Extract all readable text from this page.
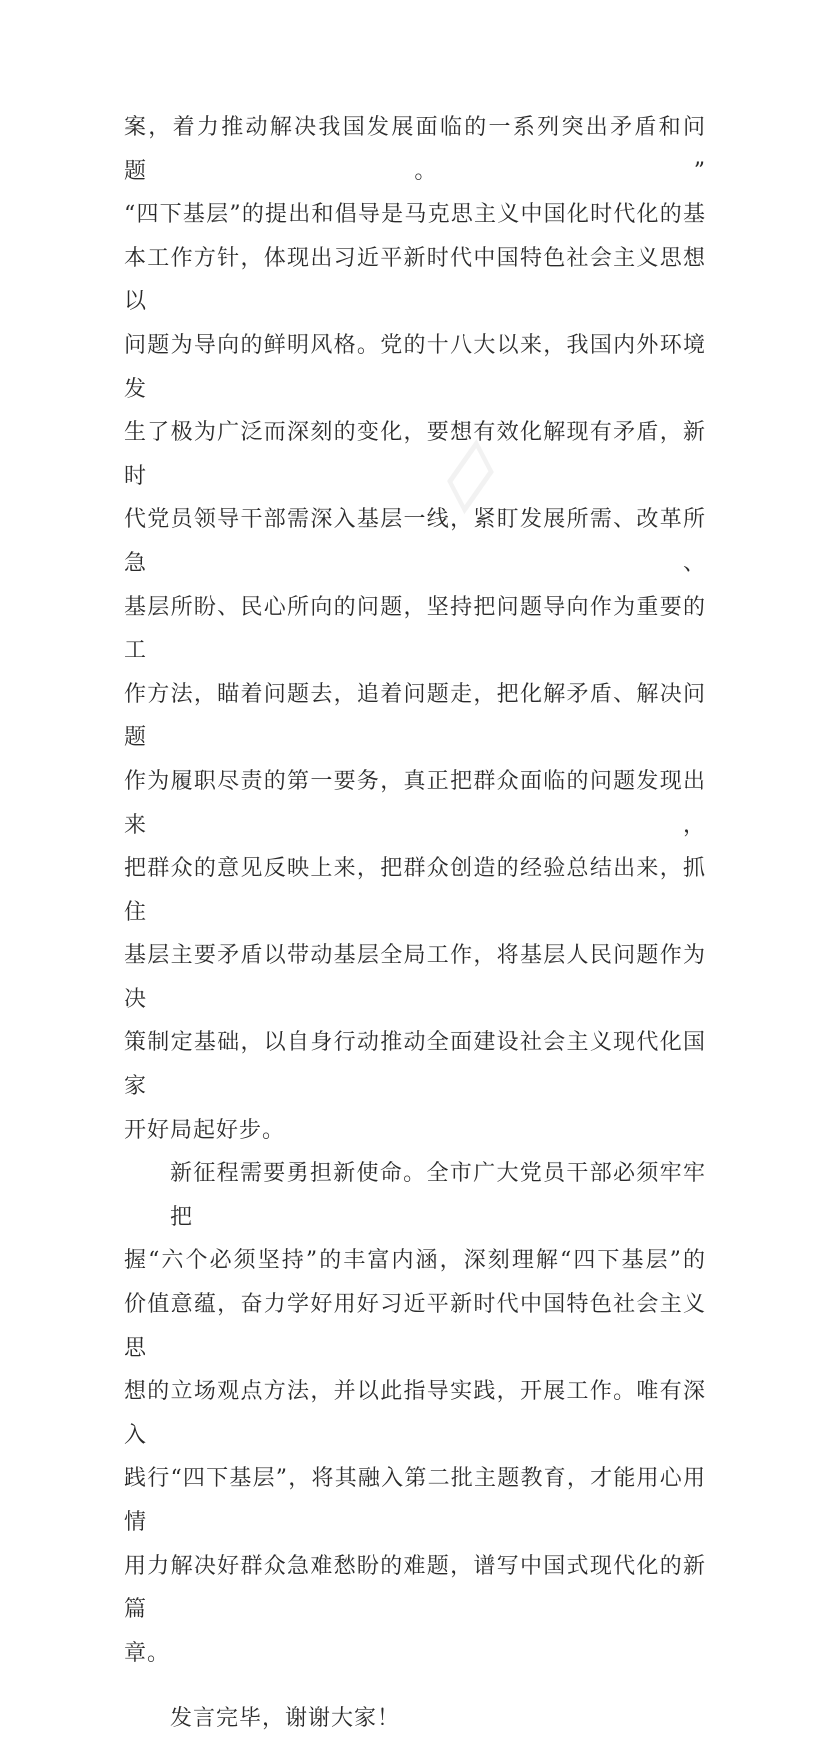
▱
案，着力推动解决我国发展面临的一系列突出矛盾和问题。”
“四下基层”的提出和倡导是马克思主义中国化时代化的基
本工作方针，体现出习近平新时代中国特色社会主义思想以
问题为导向的鲜明风格。党的十八大以来，我国内外环境发
生了极为广泛而深刻的变化，要想有效化解现有矛盾，新时
代党员领导干部需深入基层一线，紧盯发展所需、改革所急、
基层所盼、民心所向的问题，坚持把问题导向作为重要的工
作方法，瞄着问题去，追着问题走，把化解矛盾、解决问题
作为履职尽责的第一要务，真正把群众面临的问题发现出来，
把群众的意见反映上来，把群众创造的经验总结出来，抓住
基层主要矛盾以带动基层全局工作，将基层人民问题作为决
策制定基础，以自身行动推动全面建设社会主义现代化国家
开好局起好步。
新征程需要勇担新使命。全市广大党员干部必须牢牢把
握“六个必须坚持”的丰富内涵，深刻理解“四下基层”的
价值意蕴，奋力学好用好习近平新时代中国特色社会主义思
想的立场观点方法，并以此指导实践，开展工作。唯有深入
践行“四下基层”，将其融入第二批主题教育，才能用心用情
用力解决好群众急难愁盼的难题，谱写中国式现代化的新篇
章。
发言完毕，谢谢大家！
